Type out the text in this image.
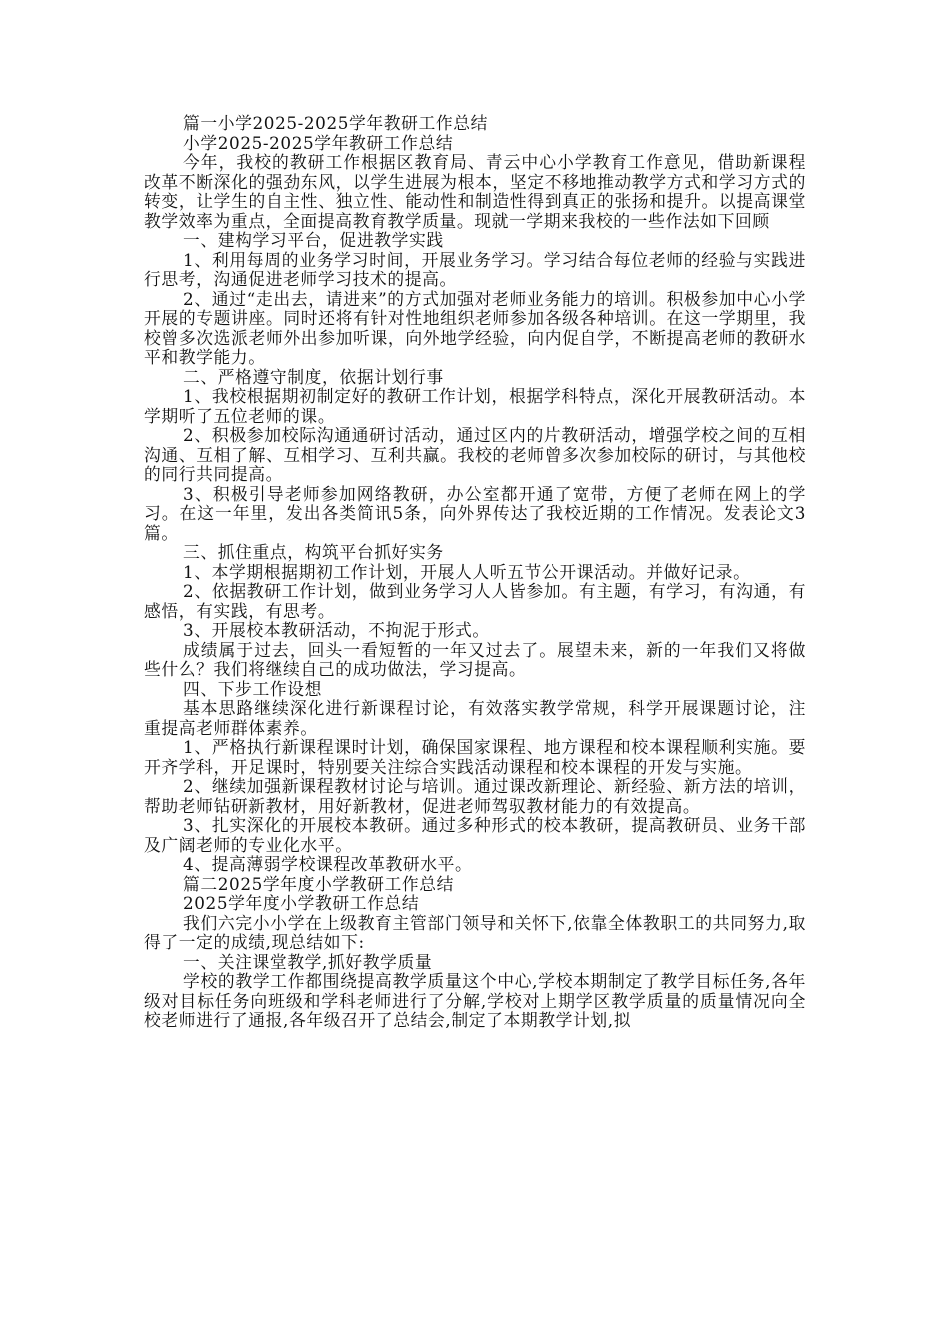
篇一小学2025-2025学年教研工作总结

小学2025-2025学年教研工作总结

今年，我校的教研工作根据区教育局、青云中心小学教育工作意见，借助新课程改革不断深化的强劲东风，以学生进展为根本，坚定不移地推动教学方式和学习方式的转变，让学生的自主性、独立性、能动性和制造性得到真正的张扬和提升。以提高课堂教学效率为重点，全面提高教育教学质量。现就一学期来我校的一些作法如下回顾

一、建构学习平台，促进教学实践

1、利用每周的业务学习时间，开展业务学习。学习结合每位老师的经验与实践进行思考，沟通促进老师学习技术的提高。

2、通过“走出去，请进来”的方式加强对老师业务能力的培训。积极参加中心小学开展的专题讲座。同时还将有针对性地组织老师参加各级各种培训。在这一学期里，我校曾多次选派老师外出参加听课，向外地学经验，向内促自学，不断提高老师的教研水平和教学能力。

二、严格遵守制度，依据计划行事

1、我校根据期初制定好的教研工作计划，根据学科特点，深化开展教研活动。本学期听了五位老师的课。

2、积极参加校际沟通通研讨活动，通过区内的片教研活动，增强学校之间的互相沟通、互相了解、互相学习、互利共赢。我校的老师曾多次参加校际的研讨，与其他校的同行共同提高。

3、积极引导老师参加网络教研，办公室都开通了宽带，方便了老师在网上的学习。在这一年里，发出各类简讯5条，向外界传达了我校近期的工作情况。发表论文3篇。

三、抓住重点，构筑平台抓好实务

1、本学期根据期初工作计划，开展人人听五节公开课活动。并做好记录。

2、依据教研工作计划，做到业务学习人人皆参加。有主题，有学习，有沟通，有感悟，有实践，有思考。

3、开展校本教研活动，不拘泥于形式。

成绩属于过去，回头一看短暂的一年又过去了。展望未来，新的一年我们又将做些什么？我们将继续自己的成功做法，学习提高。

四、下步工作设想

基本思路继续深化进行新课程讨论，有效落实教学常规，科学开展课题讨论，注重提高老师群体素养。

1、严格执行新课程课时计划，确保国家课程、地方课程和校本课程顺利实施。要开齐学科，开足课时，特别要关注综合实践活动课程和校本课程的开发与实施。

2、继续加强新课程教材讨论与培训。通过课改新理论、新经验、新方法的培训，帮助老师钻研新教材，用好新教材，促进老师驾驭教材能力的有效提高。

3、扎实深化的开展校本教研。通过多种形式的校本教研，提高教研员、业务干部及广阔老师的专业化水平。

4、提高薄弱学校课程改革教研水平。

篇二2025学年度小学教研工作总结

2025学年度小学教研工作总结

我们六完小小学在上级教育主管部门领导和关怀下,依靠全体教职工的共同努力,取得了一定的成绩,现总结如下:

一、关注课堂教学,抓好教学质量

学校的教学工作都围绕提高教学质量这个中心,学校本期制定了教学目标任务,各年级对目标任务向班级和学科老师进行了分解,学校对上期学区教学质量的质量情况向全校老师进行了通报,各年级召开了总结会,制定了本期教学计划,拟
